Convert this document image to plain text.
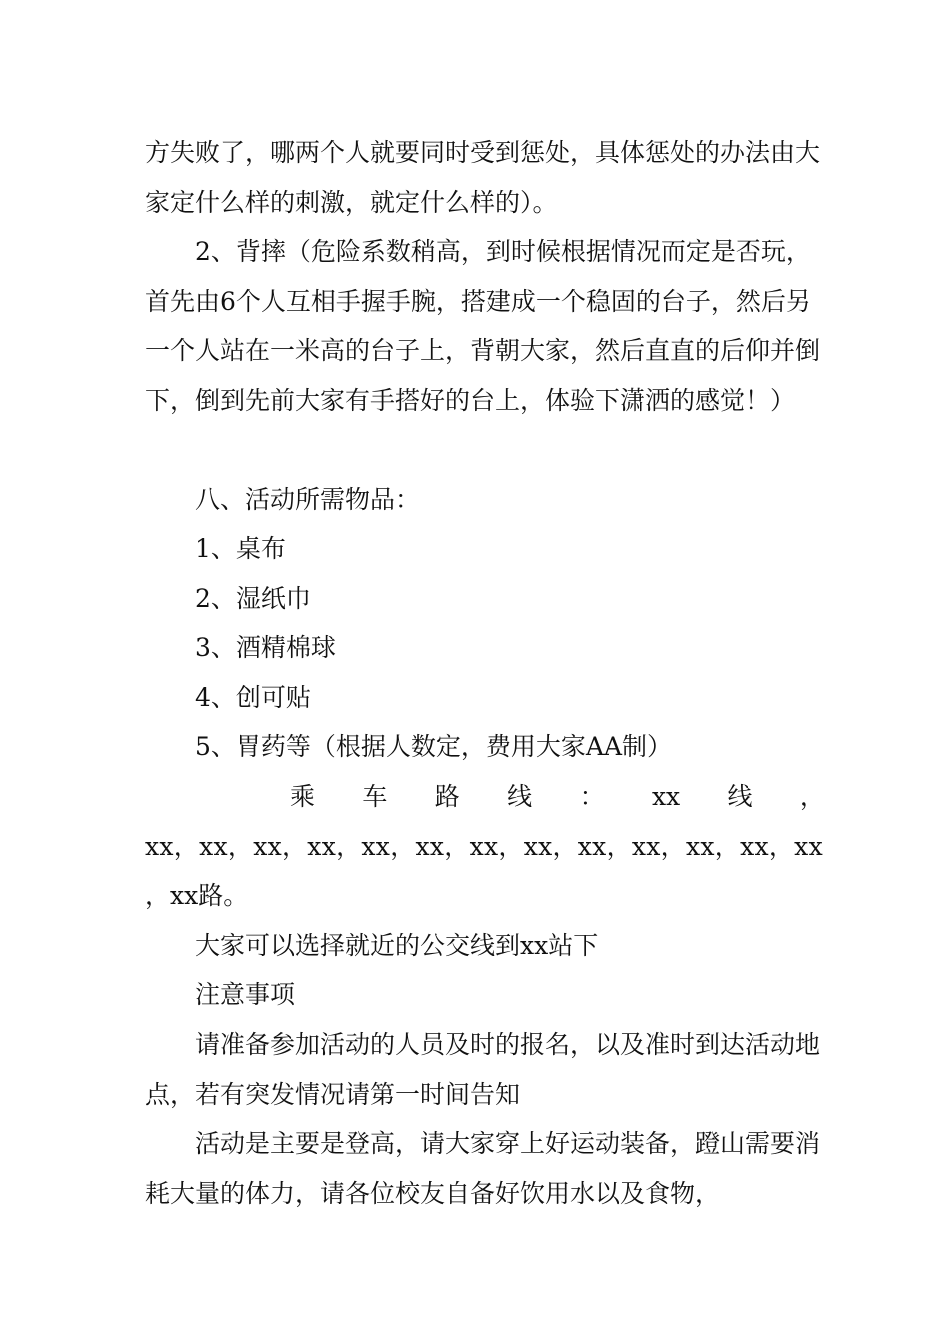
方失败了，哪两个人就要同时受到惩处，具体惩处的办法由大家定什么样的刺激，就定什么样的）。

2、背摔（危险系数稍高，到时候根据情况而定是否玩，首先由6个人互相手握手腕，搭建成一个稳固的台子，然后另一个人站在一米高的台子上，背朝大家，然后直直的后仰并倒下，倒到先前大家有手搭好的台上，体验下潇洒的感觉！）

八、活动所需物品：
1、桌布
2、湿纸巾
3、酒精棉球
4、创可贴
5、胃药等（根据人数定，费用大家AA制）
乘 车 路 线 ： xx 线 ，
xx，xx，xx，xx，xx，xx，xx，xx，xx，xx，xx，xx，xx
，xx路。
大家可以选择就近的公交线到xx站下
注意事项

请准备参加活动的人员及时的报名，以及准时到达活动地点，若有突发情况请第一时间告知

活动是主要是登高，请大家穿上好运动装备，蹬山需要消耗大量的体力，请各位校友自备好饮用水以及食物，
